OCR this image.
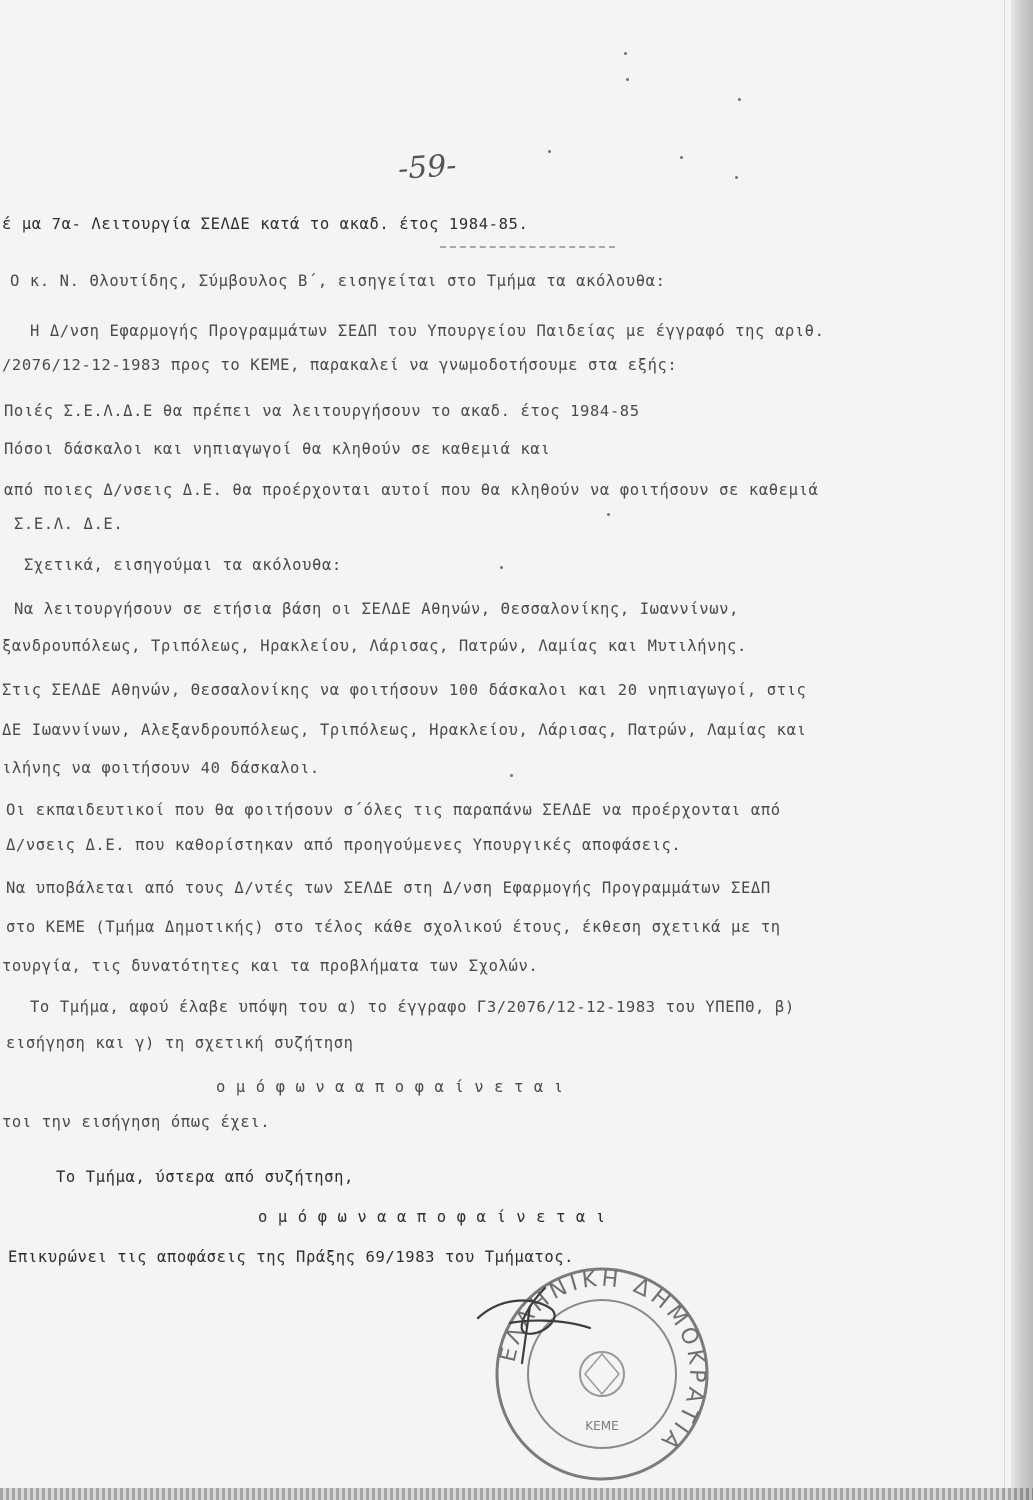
-59-
έ μα 7α- Λειτουργία ΣΕΛΔΕ κατά το ακαδ. έτος 1984-85.
Ο κ. Ν. Θλουτίδης, Σύμβουλος Β΄, εισηγείται στο Τμήμα τα ακόλουθα:
Η Δ/νση Εφαρμογής Προγραμμάτων ΣΕΔΠ του Υπουργείου Παιδείας με έγγραφό της αριθ.
/2076/12-12-1983 προς το ΚΕΜΕ, παρακαλεί να γνωμοδοτήσουμε στα εξής:
Ποιές Σ.Ε.Λ.Δ.Ε θα πρέπει να λειτουργήσουν το ακαδ. έτος 1984-85
Πόσοι δάσκαλοι και νηπιαγωγοί θα κληθούν σε καθεμιά και
από ποιες Δ/νσεις Δ.Ε. θα προέρχονται αυτοί που θα κληθούν να φοιτήσουν σε καθεμιά
Σ.Ε.Λ. Δ.Ε.
Σχετικά, εισηγούμαι τα ακόλουθα:
Να λειτουργήσουν σε ετήσια βάση οι ΣΕΛΔΕ Αθηνών, Θεσσαλονίκης, Ιωαννίνων,
ξανδρουπόλεως, Τριπόλεως, Ηρακλείου, Λάρισας, Πατρών, Λαμίας και Μυτιλήνης.
Στις ΣΕΛΔΕ Αθηνών, Θεσσαλονίκης να φοιτήσουν 100 δάσκαλοι και 20 νηπιαγωγοί, στις
ΔΕ Ιωαννίνων, Αλεξανδρουπόλεως, Τριπόλεως, Ηρακλείου, Λάρισας, Πατρών, Λαμίας και
ιλήνης να φοιτήσουν 40 δάσκαλοι.
Οι εκπαιδευτικοί που θα φοιτήσουν σ΄όλες τις παραπάνω ΣΕΛΔΕ να προέρχονται από
Δ/νσεις Δ.Ε. που καθορίστηκαν από προηγούμενες Υπουργικές αποφάσεις.
Να υποβάλεται από τους Δ/ντές των ΣΕΛΔΕ στη Δ/νση Εφαρμογής Προγραμμάτων ΣΕΔΠ
στο ΚΕΜΕ (Τμήμα Δημοτικής) στο τέλος κάθε σχολικού έτους, έκθεση σχετικά με τη
τουργία, τις δυνατότητες και τα προβλήματα των Σχολών.
Το Τμήμα, αφού έλαβε υπόψη του α) το έγγραφο Γ3/2076/12-12-1983 του ΥΠΕΠΘ, β)
εισήγηση και γ) τη σχετική συζήτηση
ο μ ό φ ω ν α α π ο φ α ί ν ε τ α ι
τοι την εισήγηση όπως έχει.
Το Τμήμα, ύστερα από συζήτηση,
ο μ ό φ ω ν α α π ο φ α ί ν ε τ α ι
Επικυρώνει τις αποφάσεις της Πράξης 69/1983 του Τμήματος.
ΕΛΛΗΝΙΚΗ ΔΗΜΟΚΡΑΤΙΑ
ΚΕΜΕ
